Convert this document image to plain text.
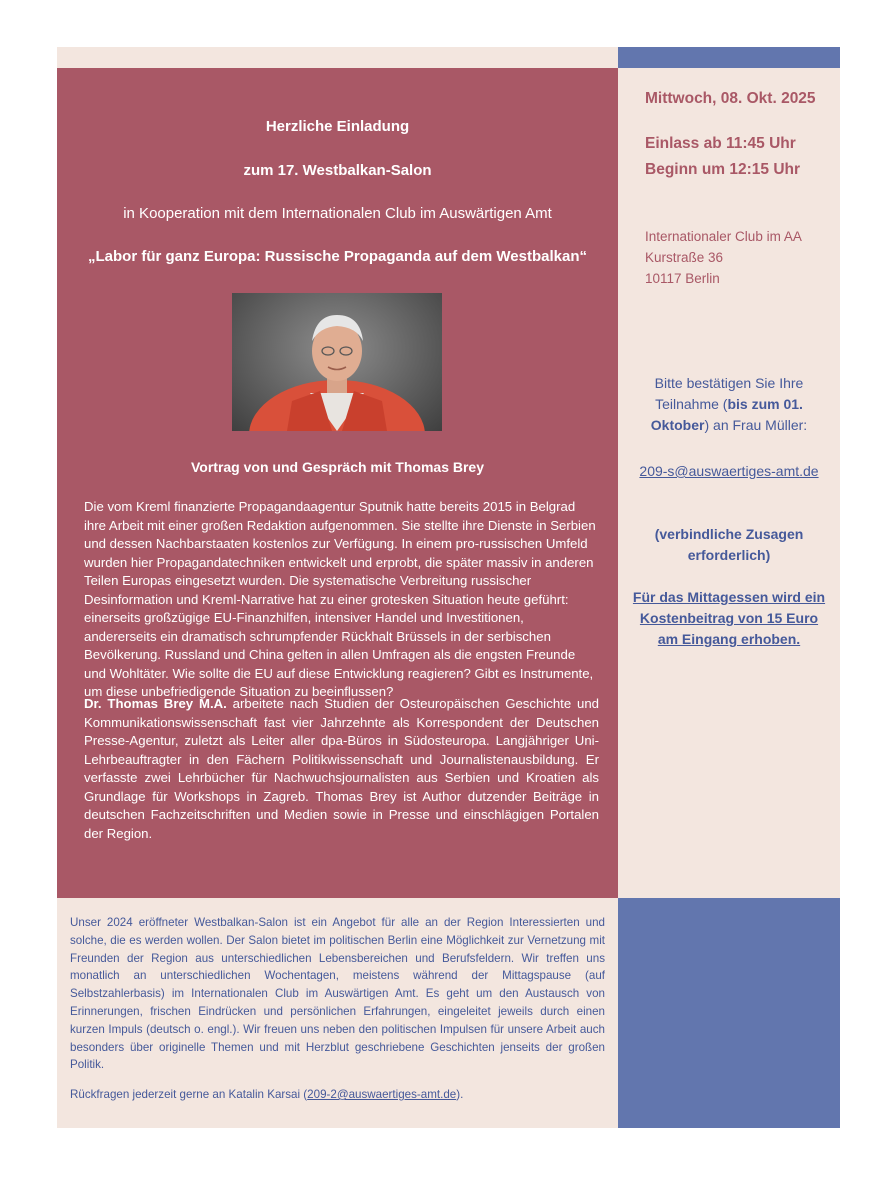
Herzliche Einladung

zum 17. Westbalkan-Salon

in Kooperation mit dem Internationalen Club im Auswärtigen Amt

„Labor für ganz Europa: Russische Propaganda auf dem Westbalkan“

Vortrag von und Gespräch mit Thomas Brey

Die vom Kreml finanzierte Propagandaagentur Sputnik hatte bereits 2015 in Belgrad ihre Arbeit mit einer großen Redaktion aufgenommen. Sie stellte ihre Dienste in Serbien und dessen Nachbarstaaten kostenlos zur Verfügung. In einem pro-russischen Umfeld wurden hier Propagandatechniken entwickelt und erprobt, die später massiv in anderen Teilen Europas eingesetzt wurden. Die systematische Verbreitung russischer Desinformation und Kreml-Narrative hat zu einer grotesken Situation heute geführt: einerseits großzügige EU-Finanzhilfen, intensiver Handel und Investitionen, andererseits ein dramatisch schrumpfender Rückhalt Brüssels in der serbischen Bevölkerung. Russland und China gelten in allen Umfragen als die engsten Freunde und Wohltäter. Wie sollte die EU auf diese Entwicklung reagieren? Gibt es Instrumente, um diese unbefriedigende Situation zu beeinflussen?

Dr. Thomas Brey M.A. arbeitete nach Studien der Osteuropäischen Geschichte und Kommunikationswissenschaft fast vier Jahrzehnte als Korrespondent der Deutschen Presse-Agentur, zuletzt als Leiter aller dpa-Büros in Südosteuropa. Langjähriger Uni-Lehrbeauftragter in den Fächern Politikwissenschaft und Journalistenausbildung. Er verfasste zwei Lehrbücher für Nachwuchsjournalisten aus Serbien und Kroatien als Grundlage für Workshops in Zagreb. Thomas Brey ist Author dutzender Beiträge in deutschen Fachzeitschriften und Medien sowie in Presse und einschlägigen Portalen der Region.

Mittwoch, 08. Okt. 2025

Einlass ab 11:45 Uhr

Beginn um 12:15 Uhr

Internationaler Club im AA

Kurstraße 36

10117 Berlin

Bitte bestätigen Sie Ihre Teilnahme (bis zum 01. Oktober) an Frau Müller:

209-s@auswaertiges-amt.de

(verbindliche Zusagen erforderlich)

Für das Mittagessen wird ein Kostenbeitrag von 15 Euro am Eingang erhoben.

Unser 2024 eröffneter Westbalkan-Salon ist ein Angebot für alle an der Region Interessierten und solche, die es werden wollen. Der Salon bietet im politischen Berlin eine Möglichkeit zur Vernetzung mit Freunden der Region aus unterschiedlichen Lebensbereichen und Berufsfeldern. Wir treffen uns monatlich an unterschiedlichen Wochentagen, meistens während der Mittagspause (auf Selbstzahlerbasis) im Internationalen Club im Auswärtigen Amt. Es geht um den Austausch von Erinnerungen, frischen Eindrücken und persönlichen Erfahrungen, eingeleitet jeweils durch einen kurzen Impuls (deutsch o. engl.). Wir freuen uns neben den politischen Impulsen für unsere Arbeit auch besonders über originelle Themen und mit Herzblut geschriebene Geschichten jenseits der großen Politik.

Rückfragen jederzeit gerne an Katalin Karsai (209-2@auswaertiges-amt.de).
